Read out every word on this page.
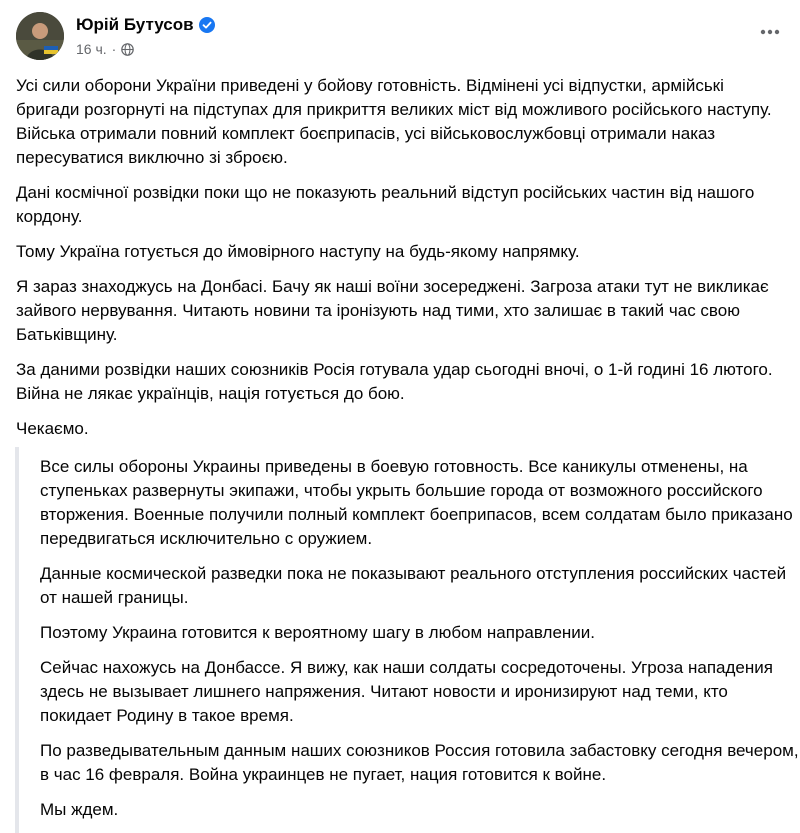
Юрій Бутусов
16 ч. ·

Усі сили оборони України приведені у бойову готовність. Відмінені усі відпустки, армійські бригади розгорнуті на підступах для прикриття великих міст від можливого російського наступу. Війська отримали повний комплект боєприпасів, усі військовослужбовці отримали наказ пересуватися виключно зі зброєю.

Дані космічної розвідки поки що не показують реальний відступ російських частин від нашого кордону.

Тому Україна готується до ймовірного наступу на будь-якому напрямку.

Я зараз знаходжусь на Донбасі. Бачу як наші воїни зосереджені. Загроза атаки тут не викликає зайвого нервування. Читають новини та іронізують над тими, хто залишає в такий час свою Батьківщину.

За даними розвідки наших союзників Росія готувала удар сьогодні вночі, о 1-й годині 16 лютого. Війна не лякає українців, нація готується до бою.

Чекаємо.

Все силы обороны Украины приведены в боевую готовность. Все каникулы отменены, на ступеньках развернуты экипажи, чтобы укрыть большие города от возможного российского вторжения. Военные получили полный комплект боеприпасов, всем солдатам было приказано передвигаться исключительно с оружием.

Данные космической разведки пока не показывают реального отступления российских частей от нашей границы.

Поэтому Украина готовится к вероятному шагу в любом направлении.

Сейчас нахожусь на Донбассе. Я вижу, как наши солдаты сосредоточены. Угроза нападения здесь не вызывает лишнего напряжения. Читают новости и иронизируют над теми, кто покидает Родину в такое время.

По разведывательным данным наших союзников Россия готовила забастовку сегодня вечером, в час 16 февраля. Война украинцев не пугает, нация готовится к войне.

Мы ждем.
